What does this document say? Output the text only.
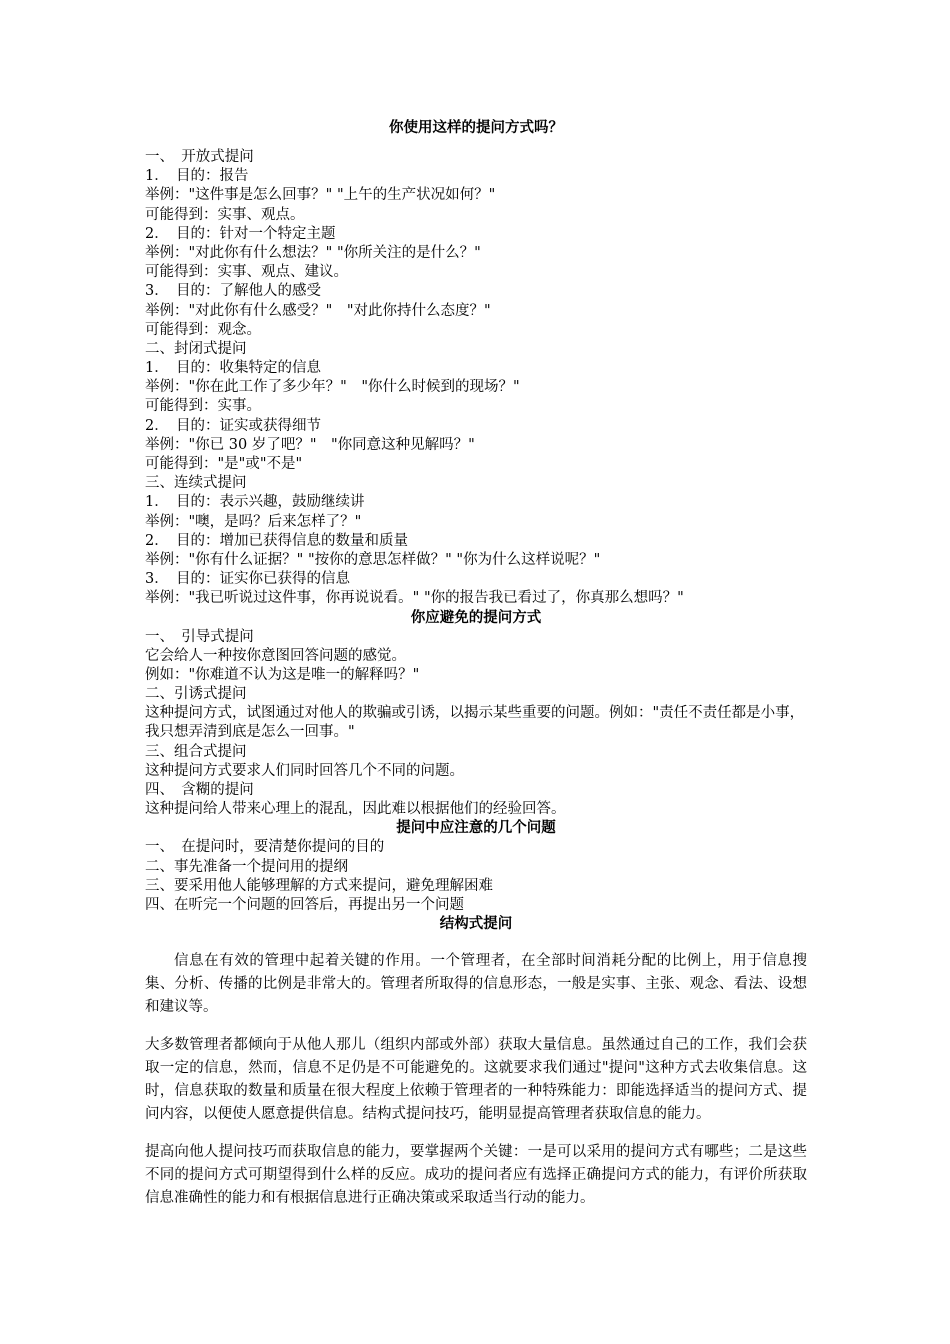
你使用这样的提问方式吗？
一、　开放式提问
1．　目的：报告
举例："这件事是怎么回事？" "上午的生产状况如何？"
可能得到：实事、观点。
2．　目的：针对一个特定主题
举例："对此你有什么想法？" "你所关注的是什么？"
可能得到：实事、观点、建议。
3．　目的：了解他人的感受
举例："对此你有什么感受？"　"对此你持什么态度？"
可能得到：观念。
二、封闭式提问
1．　目的：收集特定的信息
举例："你在此工作了多少年？"　"你什么时候到的现场？"
可能得到：实事。
2．　目的：证实或获得细节
举例："你已 30 岁了吧？"　"你同意这种见解吗？"
可能得到："是"或"不是"
三、连续式提问
1．　目的：表示兴趣，鼓励继续讲
举例："噢，是吗？后来怎样了？"
2．　目的：增加已获得信息的数量和质量
举例："你有什么证据？" "按你的意思怎样做？" "你为什么这样说呢？"
3．　目的：证实你已获得的信息
举例："我已听说过这件事，你再说说看。" "你的报告我已看过了，你真那么想吗？"
你应避免的提问方式
一、　引导式提问
它会给人一种按你意图回答问题的感觉。
例如："你难道不认为这是唯一的解释吗？"
二、引诱式提问
这种提问方式，试图通过对他人的欺骗或引诱，以揭示某些重要的问题。例如："责任不责任都是小事，我只想弄清到底是怎么一回事。"
三、组合式提问
这种提问方式要求人们同时回答几个不同的问题。
四、　含糊的提问
这种提问给人带来心理上的混乱，因此难以根据他们的经验回答。
提问中应注意的几个问题
一、　在提问时，要清楚你提问的目的
二、事先准备一个提问用的提纲
三、要采用他人能够理解的方式来提问，避免理解困难
四、在听完一个问题的回答后，再提出另一个问题
结构式提问

信息在有效的管理中起着关键的作用。一个管理者，在全部时间消耗分配的比例上，用于信息搜集、分析、传播的比例是非常大的。管理者所取得的信息形态，一般是实事、主张、观念、看法、设想和建议等。

大多数管理者都倾向于从他人那儿（组织内部或外部）获取大量信息。虽然通过自己的工作，我们会获取一定的信息，然而，信息不足仍是不可能避免的。这就要求我们通过"提问"这种方式去收集信息。这时，信息获取的数量和质量在很大程度上依赖于管理者的一种特殊能力：即能选择适当的提问方式、提问内容，以便使人愿意提供信息。结构式提问技巧，能明显提高管理者获取信息的能力。

提高向他人提问技巧而获取信息的能力，要掌握两个关键：一是可以采用的提问方式有哪些；二是这些不同的提问方式可期望得到什么样的反应。成功的提问者应有选择正确提问方式的能力，有评价所获取信息准确性的能力和有根据信息进行正确决策或采取适当行动的能力。
